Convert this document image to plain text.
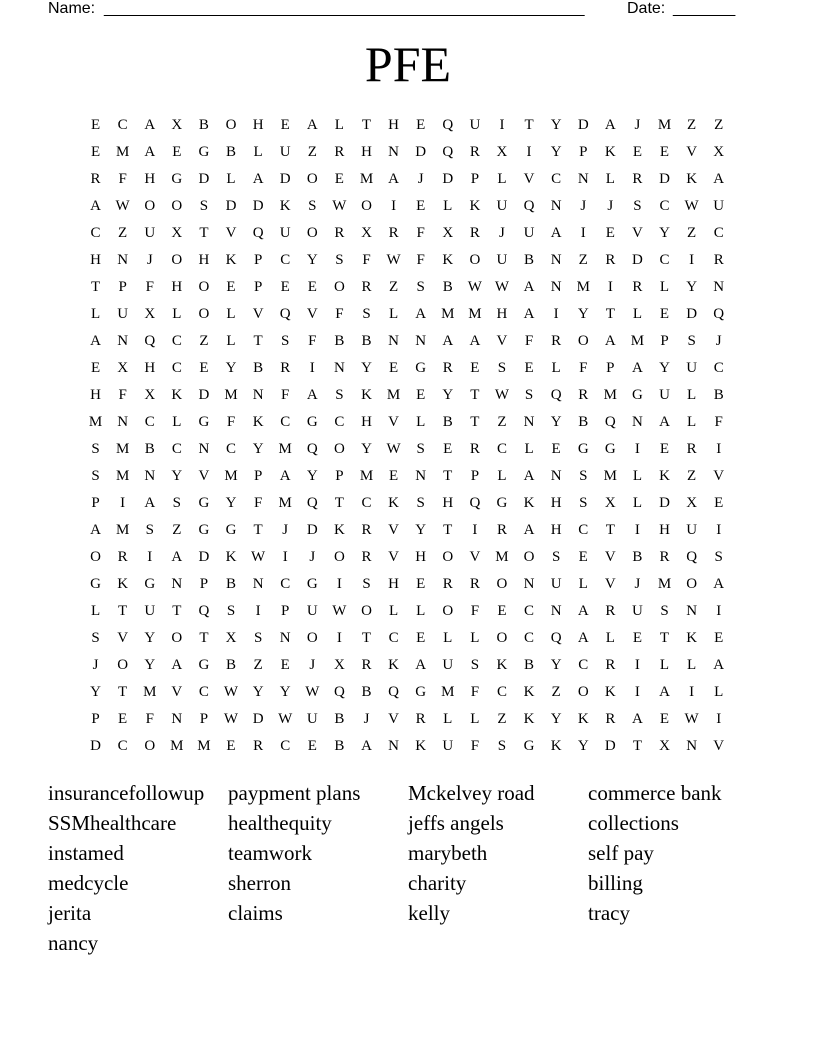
Name: ______________________________________________________	Date: _______
PFE
E	C	A	X	B	O	H	E	A	L	T	H	E	Q	U	I	T	Y	D	A	J	M	Z	Z
E	M	A	E	G	B	L	U	Z	R	H	N	D	Q	R	X	I	Y	P	K	E	E	V	X
R	F	H	G	D	L	A	D	O	E	M	A	J	D	P	L	V	C	N	L	R	D	K	A
A W O	O	S	D	D	K	S	W O	I	E	L	K	U	Q	N	J	J	S	C	W U
C	Z	U	X	T	V	Q	U	O	R	X	R	F	X	R	J	U	A	I	E	V	Y	Z	C
H	N	J	O	H	K	P	C	Y	S	F	W	F	K	O	U	B	N	Z	R	D	C	I	R
T	P	F	H	O	E	P	E	E	O	R	Z	S	B	W W A	N	M	I	R	L	Y	N
L	U	X	L	O	L	V	Q	V	F	S	L	A	M M	H	A	I	Y	T	L	E	D	Q
A	N	Q	C	Z	L	T	S	F	B	B	N	N	A	A	V	F	R	O	A	M	P	S	J
E	X	H	C	E	Y	B	R	I	N	Y	E	G	R	E	S	E	L	F	P	A	Y	U	C
H	F	X	K	D	M	N	F	A	S	K	M	E	Y	T	W	S	Q	R	M	G	U	L	B
M	N	C	L	G	F	K	C	G	C	H	V	L	B	T	Z	N	Y	B	Q	N	A	L	F
S	M	B	C	N	C	Y	M	Q	O	Y W	S	E	R	C	L	E	G	G	I	E	R	I
S	M	N	Y	V	M	P	A	Y	P	M	E	N	T	P	L	A	N	S	M	L	K	Z	V
P	I	A	S	G	Y	F	M	Q	T	C	K	S	H	Q	G	K	H	S	X	L	D	X	E
A	M	S	Z	G	G	T	J	D	K	R	V	Y	T	I	R	A	H	C	T	I	H	U	I
O	R	I	A	D	K W	I	J	O	R	V	H	O	V	M	O	S	E	V	B	R	Q	S
G	K	G	N	P	B	N	C	G	I	S	H	E	R	R	O	N	U	L	V	J	M	O	A
L	T	U	T	Q	S	I	P	U W O	L	L	O	F	E	C	N	A	R	U	S	N	I
S	V	Y	O	T	X	S	N	O	I	T	C	E	L	L	O	C	Q	A	L	E	T	K	E
J	O	Y	A	G	B	Z	E	J	X	R	K	A	U	S	K	B	Y	C	R	I	L	L	A
Y	T	M	V	C	W Y	Y W Q	B	Q	G	M	F	C	K	Z	O	K	I	A	I	L
P	E	F	N	P	W D W U	B	J	V	R	L	L	Z	K	Y	K	R	A	E	W	I
D	C	O	M M	E	R	C	E	B	A	N	K	U	F	S	G	K	Y	D	T	X	N	V
insurancefollowup
SSMhealthcare
instamed
medcycle
jerita
nancy
paypment plans
healthequity
teamwork
sherron
claims
Mckelvey road
jeffs angels
marybeth
charity
kelly
commerce bank
collections
self pay
billing
tracy
